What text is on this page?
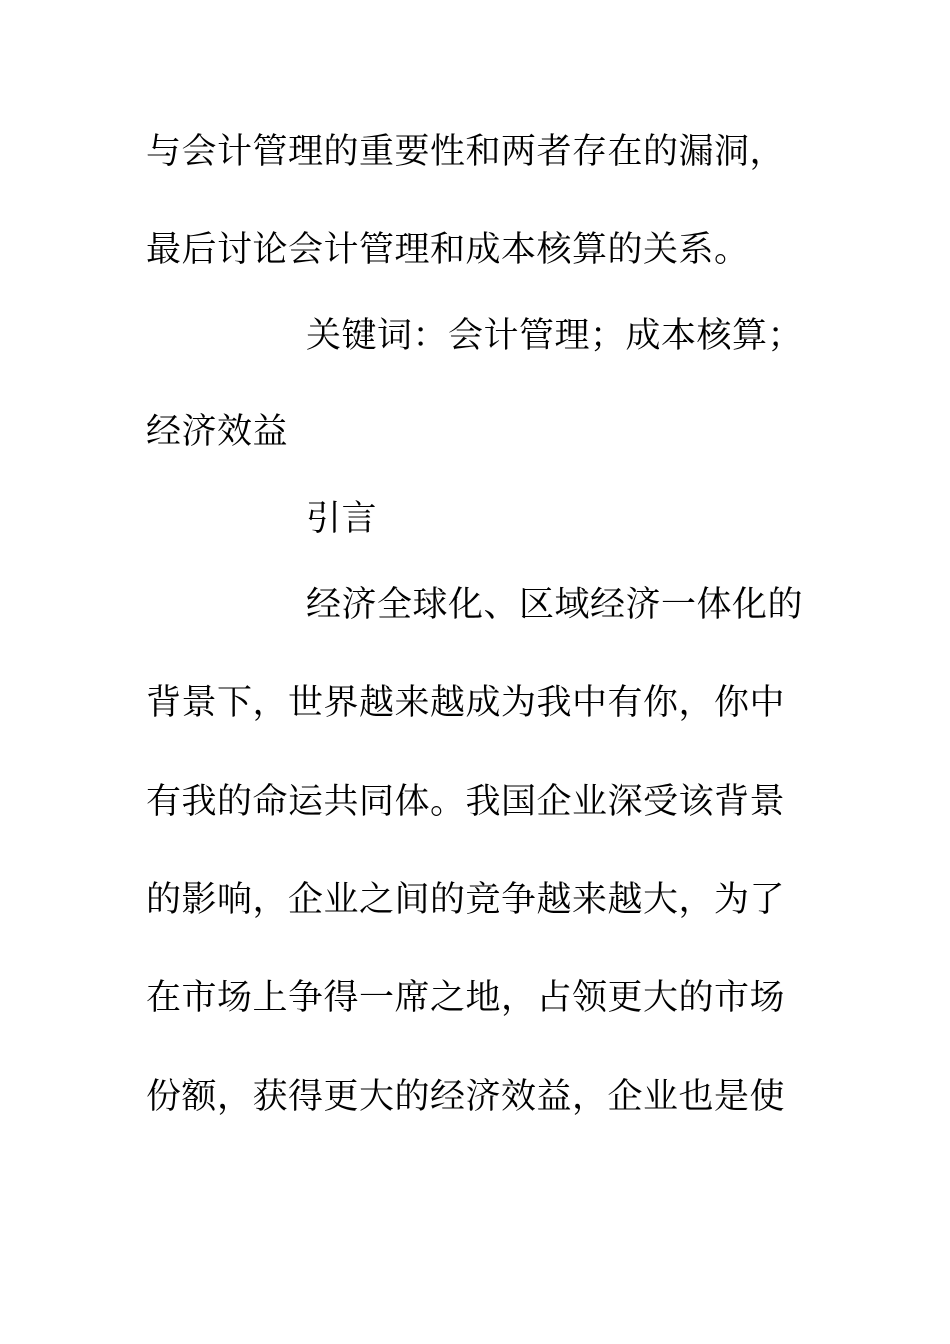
与会计管理的重要性和两者存在的漏洞，
最后讨论会计管理和成本核算的关系。
关键词：会计管理；成本核算；
经济效益
引言
经济全球化、区域经济一体化的
背景下，世界越来越成为我中有你，你中
有我的命运共同体。我国企业深受该背景
的影响，企业之间的竞争越来越大，为了
在市场上争得一席之地，占领更大的市场
份额，获得更大的经济效益，企业也是使
